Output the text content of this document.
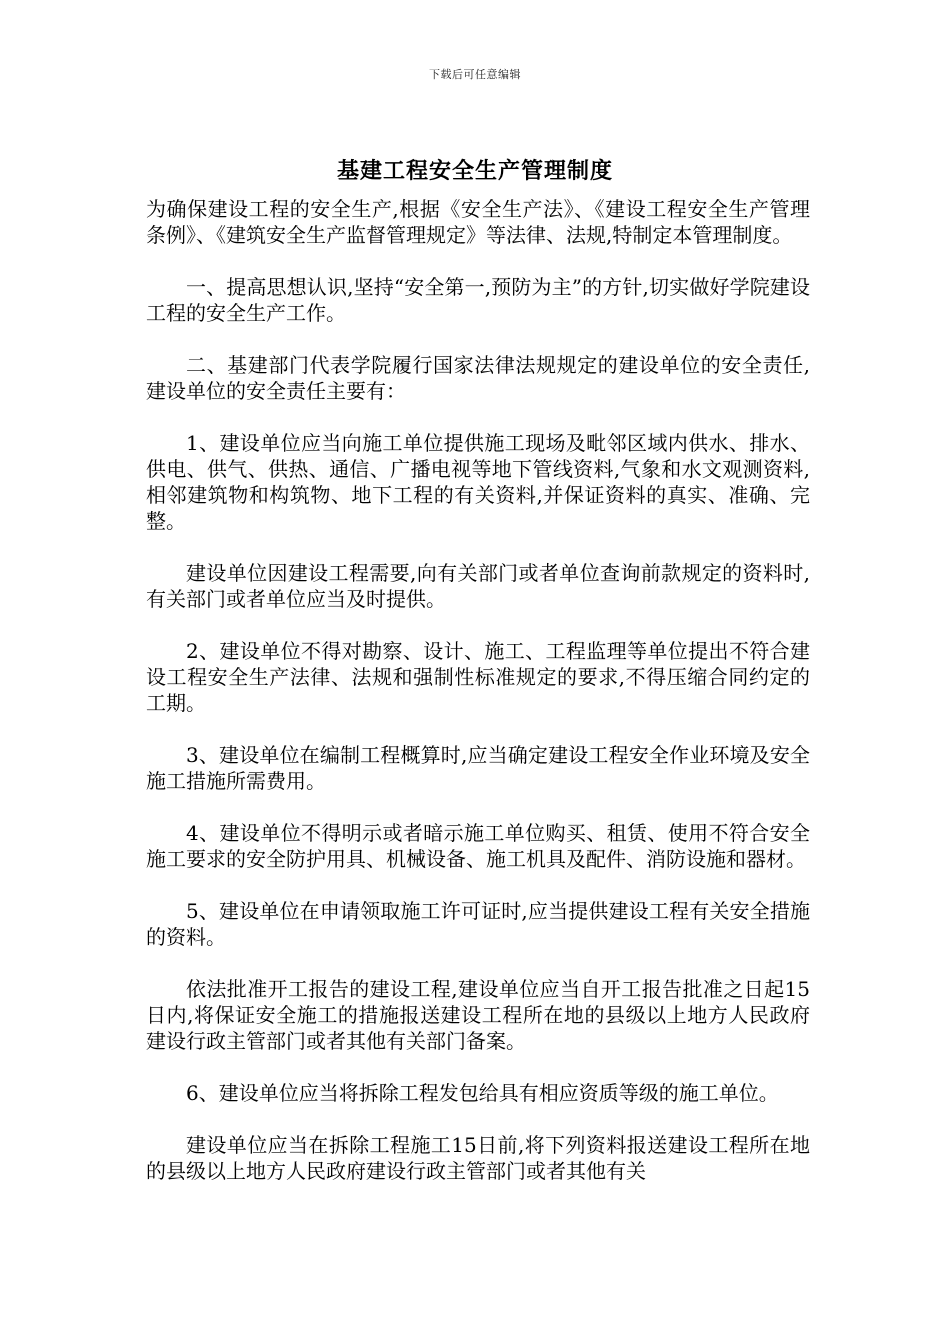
下载后可任意编辑
基建工程安全生产管理制度

为确保建设工程的安全生产,根据《安全生产法》、《建设工程安全生产管理条例》、《建筑安全生产监督管理规定》等法律、法规,特制定本管理制度。

一、提高思想认识,坚持“安全第一,预防为主”的方针,切实做好学院建设工程的安全生产工作。

二、基建部门代表学院履行国家法律法规规定的建设单位的安全责任,建设单位的安全责任主要有：

1、建设单位应当向施工单位提供施工现场及毗邻区域内供水、排水、供电、供气、供热、通信、广播电视等地下管线资料,气象和水文观测资料,相邻建筑物和构筑物、地下工程的有关资料,并保证资料的真实、准确、完整。

建设单位因建设工程需要,向有关部门或者单位查询前款规定的资料时,有关部门或者单位应当及时提供。

2、建设单位不得对勘察、设计、施工、工程监理等单位提出不符合建设工程安全生产法律、法规和强制性标准规定的要求,不得压缩合同约定的工期。

3、建设单位在编制工程概算时,应当确定建设工程安全作业环境及安全施工措施所需费用。

4、建设单位不得明示或者暗示施工单位购买、租赁、使用不符合安全施工要求的安全防护用具、机械设备、施工机具及配件、消防设施和器材。

5、建设单位在申请领取施工许可证时,应当提供建设工程有关安全措施的资料。

依法批准开工报告的建设工程,建设单位应当自开工报告批准之日起15日内,将保证安全施工的措施报送建设工程所在地的县级以上地方人民政府建设行政主管部门或者其他有关部门备案。

6、建设单位应当将拆除工程发包给具有相应资质等级的施工单位。

建设单位应当在拆除工程施工15日前,将下列资料报送建设工程所在地的县级以上地方人民政府建设行政主管部门或者其他有关
